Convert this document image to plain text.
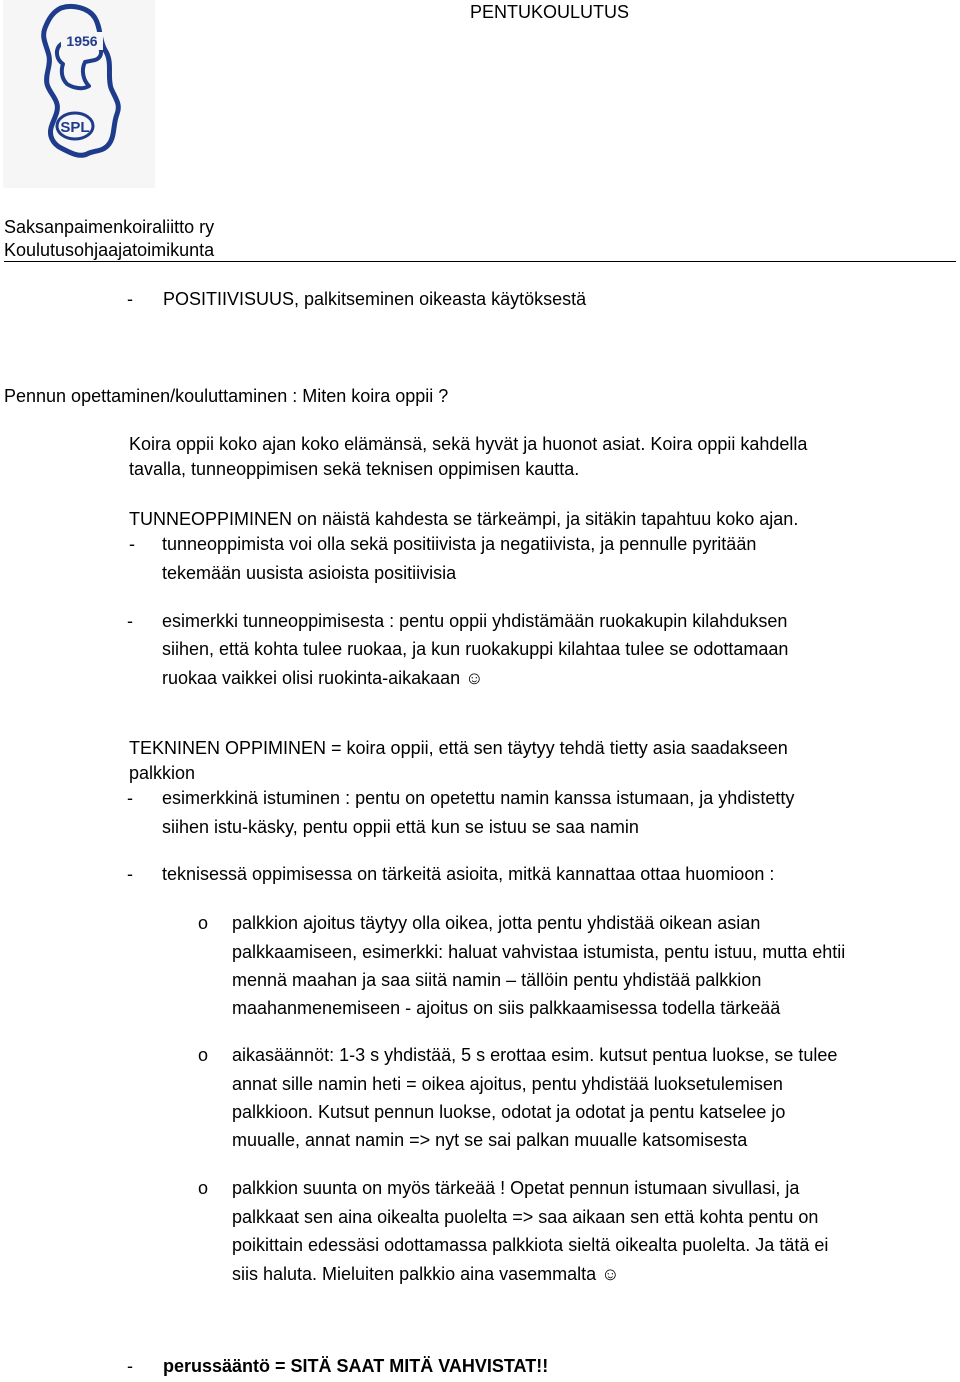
1956
SPL
PENTUKOULUTUS
Saksanpaimenkoiraliitto ry
Koulutusohjaajatoimikunta
- POSITIIVISUUS, palkitseminen oikeasta käytöksestä
Pennun opettaminen/kouluttaminen : Miten koira oppii ?
Koira oppii koko ajan koko elämänsä, sekä hyvät ja huonot asiat. Koira oppii kahdella
tavalla, tunneoppimisen sekä teknisen oppimisen kautta.
TUNNEOPPIMINEN on näistä kahdesta se tärkeämpi, ja sitäkin tapahtuu koko ajan.
- tunneoppimista voi olla sekä positiivista ja negatiivista, ja pennulle pyritään
tekemään uusista asioista positiivisia
- esimerkki tunneoppimisesta : pentu oppii yhdistämään ruokakupin kilahduksen
siihen, että kohta tulee ruokaa, ja kun ruokakuppi kilahtaa tulee se odottamaan
ruokaa vaikkei olisi ruokinta-aikakaan ☺
TEKNINEN OPPIMINEN = koira oppii, että sen täytyy tehdä tietty asia saadakseen
palkkion
- esimerkkinä istuminen : pentu on opetettu namin kanssa istumaan, ja yhdistetty
siihen istu-käsky, pentu oppii että kun se istuu se saa namin
- teknisessä oppimisessa on tärkeitä asioita, mitkä kannattaa ottaa huomioon :
o palkkion ajoitus täytyy olla oikea, jotta pentu yhdistää oikean asian
palkkaamiseen, esimerkki: haluat vahvistaa istumista, pentu istuu, mutta ehtii
mennä maahan ja saa siitä namin – tällöin pentu yhdistää palkkion
maahanmenemiseen - ajoitus on siis palkkaamisessa todella tärkeää
o aikasäännöt: 1-3 s yhdistää, 5 s erottaa esim. kutsut pentua luokse, se tulee
annat sille namin heti = oikea ajoitus, pentu yhdistää luoksetulemisen
palkkioon. Kutsut pennun luokse, odotat ja odotat ja pentu katselee jo
muualle, annat namin => nyt se sai palkan muualle katsomisesta
o palkkion suunta on myös tärkeää ! Opetat pennun istumaan sivullasi, ja
palkkaat sen aina oikealta puolelta => saa aikaan sen että kohta pentu on
poikittain edessäsi odottamassa palkkiota sieltä oikealta puolelta. Ja tätä ei
siis haluta. Mieluiten palkkio aina vasemmalta ☺
- perussääntö = SITÄ SAAT MITÄ VAHVISTAT!!
